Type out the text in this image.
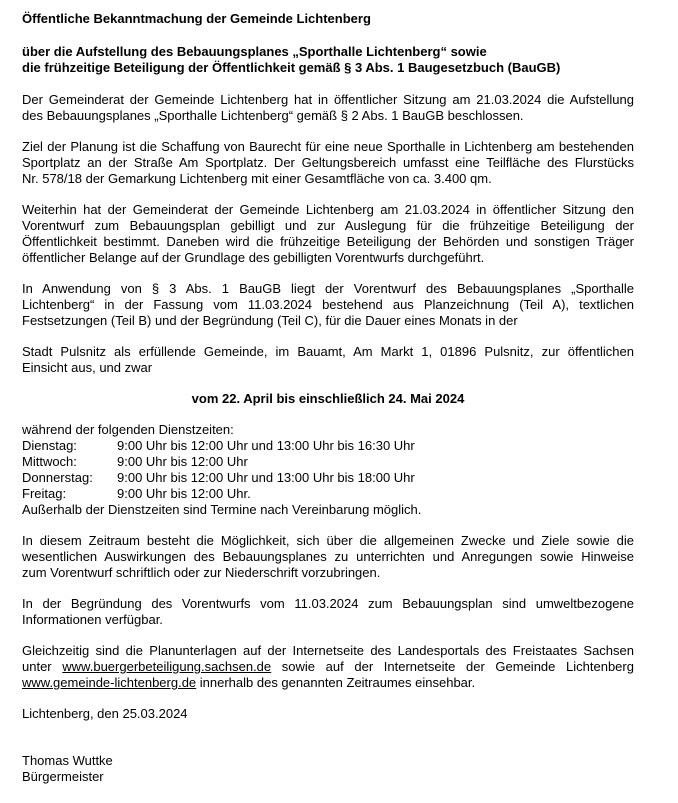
Öffentliche Bekanntmachung der Gemeinde Lichtenberg

über die Aufstellung des Bebauungsplanes „Sporthalle Lichtenberg“ sowie
die frühzeitige Beteiligung der Öffentlichkeit gemäß § 3 Abs. 1 Baugesetzbuch (BauGB)

Der Gemeinderat der Gemeinde Lichtenberg hat in öffentlicher Sitzung am 21.03.2024 die Aufstellung
des Bebauungsplanes „Sporthalle Lichtenberg“ gemäß § 2 Abs. 1 BauGB beschlossen.

Ziel der Planung ist die Schaffung von Baurecht für eine neue Sporthalle in Lichtenberg am bestehenden
Sportplatz an der Straße Am Sportplatz. Der Geltungsbereich umfasst eine Teilfläche des Flurstücks
Nr. 578/18 der Gemarkung Lichtenberg mit einer Gesamtfläche von ca. 3.400 qm.

Weiterhin hat der Gemeinderat der Gemeinde Lichtenberg am 21.03.2024 in öffentlicher Sitzung den
Vorentwurf zum Bebauungsplan gebilligt und zur Auslegung für die frühzeitige Beteiligung der
Öffentlichkeit bestimmt. Daneben wird die frühzeitige Beteiligung der Behörden und sonstigen Träger
öffentlicher Belange auf der Grundlage des gebilligten Vorentwurfs durchgeführt.

In Anwendung von § 3 Abs. 1 BauGB liegt der Vorentwurf des Bebauungsplanes „Sporthalle
Lichtenberg“ in der Fassung vom 11.03.2024 bestehend aus Planzeichnung (Teil A), textlichen
Festsetzungen (Teil B) und der Begründung (Teil C), für die Dauer eines Monats in der

Stadt Pulsnitz als erfüllende Gemeinde, im Bauamt, Am Markt 1, 01896 Pulsnitz, zur öffentlichen
Einsicht aus, und zwar

vom 22. April bis einschließlich 24. Mai 2024

während der folgenden Dienstzeiten:

Dienstag:	9:00 Uhr bis 12:00 Uhr und 13:00 Uhr bis 16:30 Uhr
Mittwoch:	9:00 Uhr bis 12:00 Uhr
Donnerstag:	9:00 Uhr bis 12:00 Uhr und 13:00 Uhr bis 18:00 Uhr
Freitag:	9:00 Uhr bis 12:00 Uhr.

Außerhalb der Dienstzeiten sind Termine nach Vereinbarung möglich.

In diesem Zeitraum besteht die Möglichkeit, sich über die allgemeinen Zwecke und Ziele sowie die
wesentlichen Auswirkungen des Bebauungsplanes zu unterrichten und Anregungen sowie Hinweise
zum Vorentwurf schriftlich oder zur Niederschrift vorzubringen.

In der Begründung des Vorentwurfs vom 11.03.2024 zum Bebauungsplan sind umweltbezogene
Informationen verfügbar.

Gleichzeitig sind die Planunterlagen auf der Internetseite des Landesportals des Freistaates Sachsen
unter www.buergerbeteiligung.sachsen.de sowie auf der Internetseite der Gemeinde Lichtenberg
www.gemeinde-lichtenberg.de innerhalb des genannten Zeitraumes einsehbar.

Lichtenberg, den 25.03.2024

Thomas Wuttke

Bürgermeister
